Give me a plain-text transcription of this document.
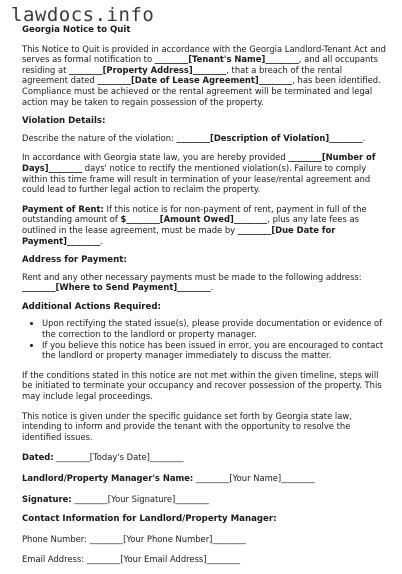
lawdocs.info
Georgia Notice to Quit

This Notice to Quit is provided in accordance with the Georgia Landlord-Tenant Act and serves as formal notification to ________[Tenant's Name]________, and all occupants residing at ________[Property Address]________, that a breach of the rental agreement dated ________[Date of Lease Agreement]________, has been identified. Compliance must be achieved or the rental agreement will be terminated and legal action may be taken to regain possession of the property.

Violation Details:

Describe the nature of the violation: ________[Description of Violation]________.

In accordance with Georgia state law, you are hereby provided ________[Number of Days]________ days' notice to rectify the mentioned violation(s). Failure to comply within this time frame will result in termination of your lease/rental agreement and could lead to further legal action to reclaim the property.

Payment of Rent: If this notice is for non-payment of rent, payment in full of the outstanding amount of $________[Amount Owed]________, plus any late fees as outlined in the lease agreement, must be made by ________[Due Date for Payment]________.

Address for Payment:

Rent and any other necessary payments must be made to the following address:
________[Where to Send Payment]________.

Additional Actions Required:
• Upon rectifying the stated issue(s), please provide documentation or evidence of the correction to the landlord or property manager.
• If you believe this notice has been issued in error, you are encouraged to contact the landlord or property manager immediately to discuss the matter.

If the conditions stated in this notice are not met within the given timeline, steps will be initiated to terminate your occupancy and recover possession of the property. This may include legal proceedings.

This notice is given under the specific guidance set forth by Georgia state law, intending to inform and provide the tenant with the opportunity to resolve the identified issues.

Dated: ________[Today's Date]________

Landlord/Property Manager's Name: ________[Your Name]________

Signature: ________[Your Signature]________

Contact Information for Landlord/Property Manager:

Phone Number: ________[Your Phone Number]________

Email Address: ________[Your Email Address]________
